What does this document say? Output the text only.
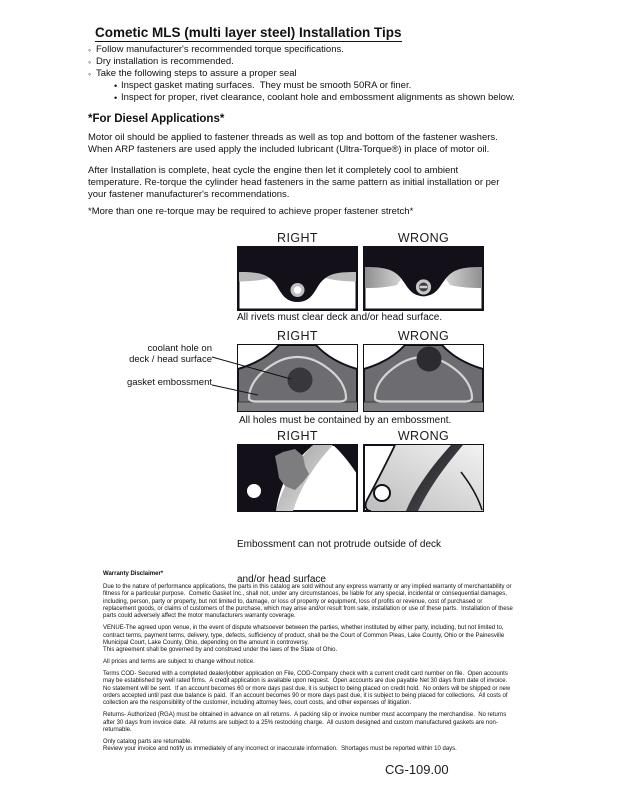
Cometic MLS (multi layer steel) Installation Tips
◦ Follow manufacturer's recommended torque specifications.
◦ Dry installation is recommended.
◦ Take the following steps to assure a proper seal
• Inspect gasket mating surfaces.  They must be smooth 50RA or finer.
• Inspect for proper, rivet clearance, coolant hole and embossment alignments as shown below.
*For Diesel Applications*
Motor oil should be applied to fastener threads as well as top and bottom of the fastener washers. When ARP fasteners are used apply the included lubricant (Ultra-Torque®) in place of motor oil.
After Installation is complete, heat cycle the engine then let it completely cool to ambient temperature. Re-torque the cylinder head fasteners in the same pattern as initial installation or per your fastener manufacturer's recommendations.
*More than one re-torque may be required to achieve proper fastener stretch*
RIGHT	WRONG
All rivets must clear deck and/or head surface.
RIGHT	WRONG
coolant hole on
deck / head surface
gasket embossment
All holes must be contained by an embossment.
RIGHT	WRONG

Embossment can not protrude outside of deck

and/or head surface

Warranty Disclaimer*
Due to the nature of performance applications, the parts in this catalog are sold without any express warranty or any implied warranty of merchantability or fitness for a particular purpose.  Cometic Gasket Inc., shall not, under any circumstances, be liable for any special, incidental or consequential damages, including, person, party or property, but not limited to, damage, or loss of property or equipment, loss of profits or revenue, cost of purchased or replacement goods, or claims of customers of the purchase, which may arise and/or result from sale, installation or use of these parts.  Installation of these parts could adversely affect the motor manufacturers warranty coverage.
VENUE-The agreed upon venue, in the event of dispute whatsoever between the parties, whether instituted by either party, including, but not limited to, contract terms, payment terms, delivery, type, defects, sufficiency of product, shall be the Court of Common Pleas, Lake County, Ohio or the Painesville Municipal Court, Lake County, Ohio, depending on the amount in controversy.
This agreement shall be governed by and construed under the laws of the State of Ohio.
All prices and terms are subject to change without notice.
Terms COD- Secured with a completed dealer/jobber application on File, COD-Company check with a current credit card number on file.  Open accounts may be established by well rated firms.  A credit application is available upon request.  Open accounts are due payable Net 30 days from date of invoice.  No statement will be sent.  If an account becomes 60 or more days past due, it is subject to being placed on credit hold.  No orders will be shipped or new orders accepted until past due balance is paid.  If an account becomes 90 or more days past due, it is subject to being placed for collections.  All costs of collection are the responsibility of the customer, including attorney fees, court costs, and other expenses of litigation.
Returns- Authorized (RGA) must be obtained in advance on all returns.  A packing slip or invoice number must accompany the merchandise.  No returns after 30 days from invoice date.  All returns are subject to a 25% restocking charge.  All custom designed and custom manufactured gaskets are non-returnable.
Only catalog parts are returnable.
Review your invoice and notify us immediately of any incorrect or inaccurate information.  Shortages must be reported within 10 days.
CG-109.00
